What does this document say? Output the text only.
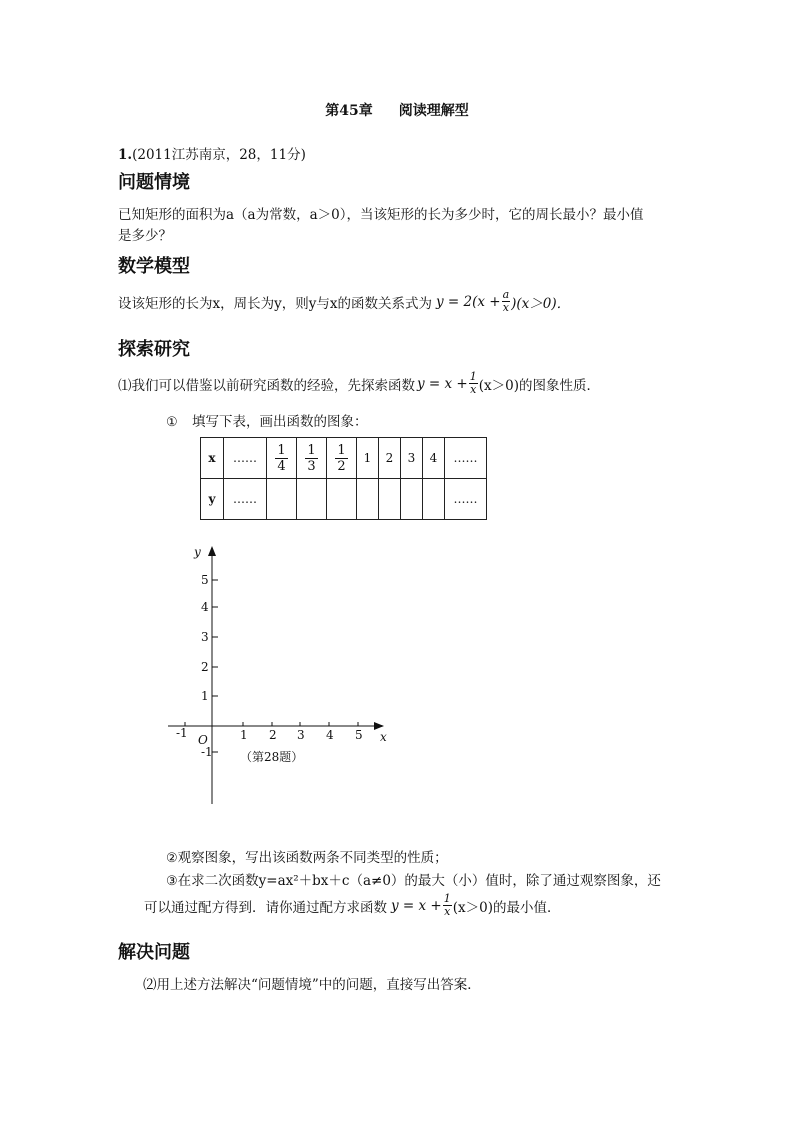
第45章 阅读理解型
1.(2011江苏南京，28，11分)
问题情境
已知矩形的面积为a（a为常数，a＞0），当该矩形的长为多少时，它的周长最小？最小值
是多少？
数学模型
设该矩形的长为x，周长为y，则y与x的函数关系式为 $y = 2(x + \frac{a}{x} )(x>0)$．
探索研究
⑴我们可以借鉴以前研究函数的经验，先探索函数 $y = x + \frac{1}{x} (x>0)$的图象性质．
① 填写下表，画出函数的图象：
x	……	$\frac{1}{4}$	$\frac{1}{3}$	$\frac{1}{2}$	1	2	3	4	……
y	……								……
y
x
O
-1	1 2 3 4 5
5
4
3
2
1
-1 （第28题）
②观察图象，写出该函数两条不同类型的性质；
③在求二次函数y=ax²＋bx＋c（a≠0）的最大（小）值时，除了通过观察图象，还
可以通过配方得到．请你通过配方求函数 $y = x + \frac{1}{x} (x>0)$的最小值．
解决问题
⑵用上述方法解决“问题情境”中的问题，直接写出答案．
